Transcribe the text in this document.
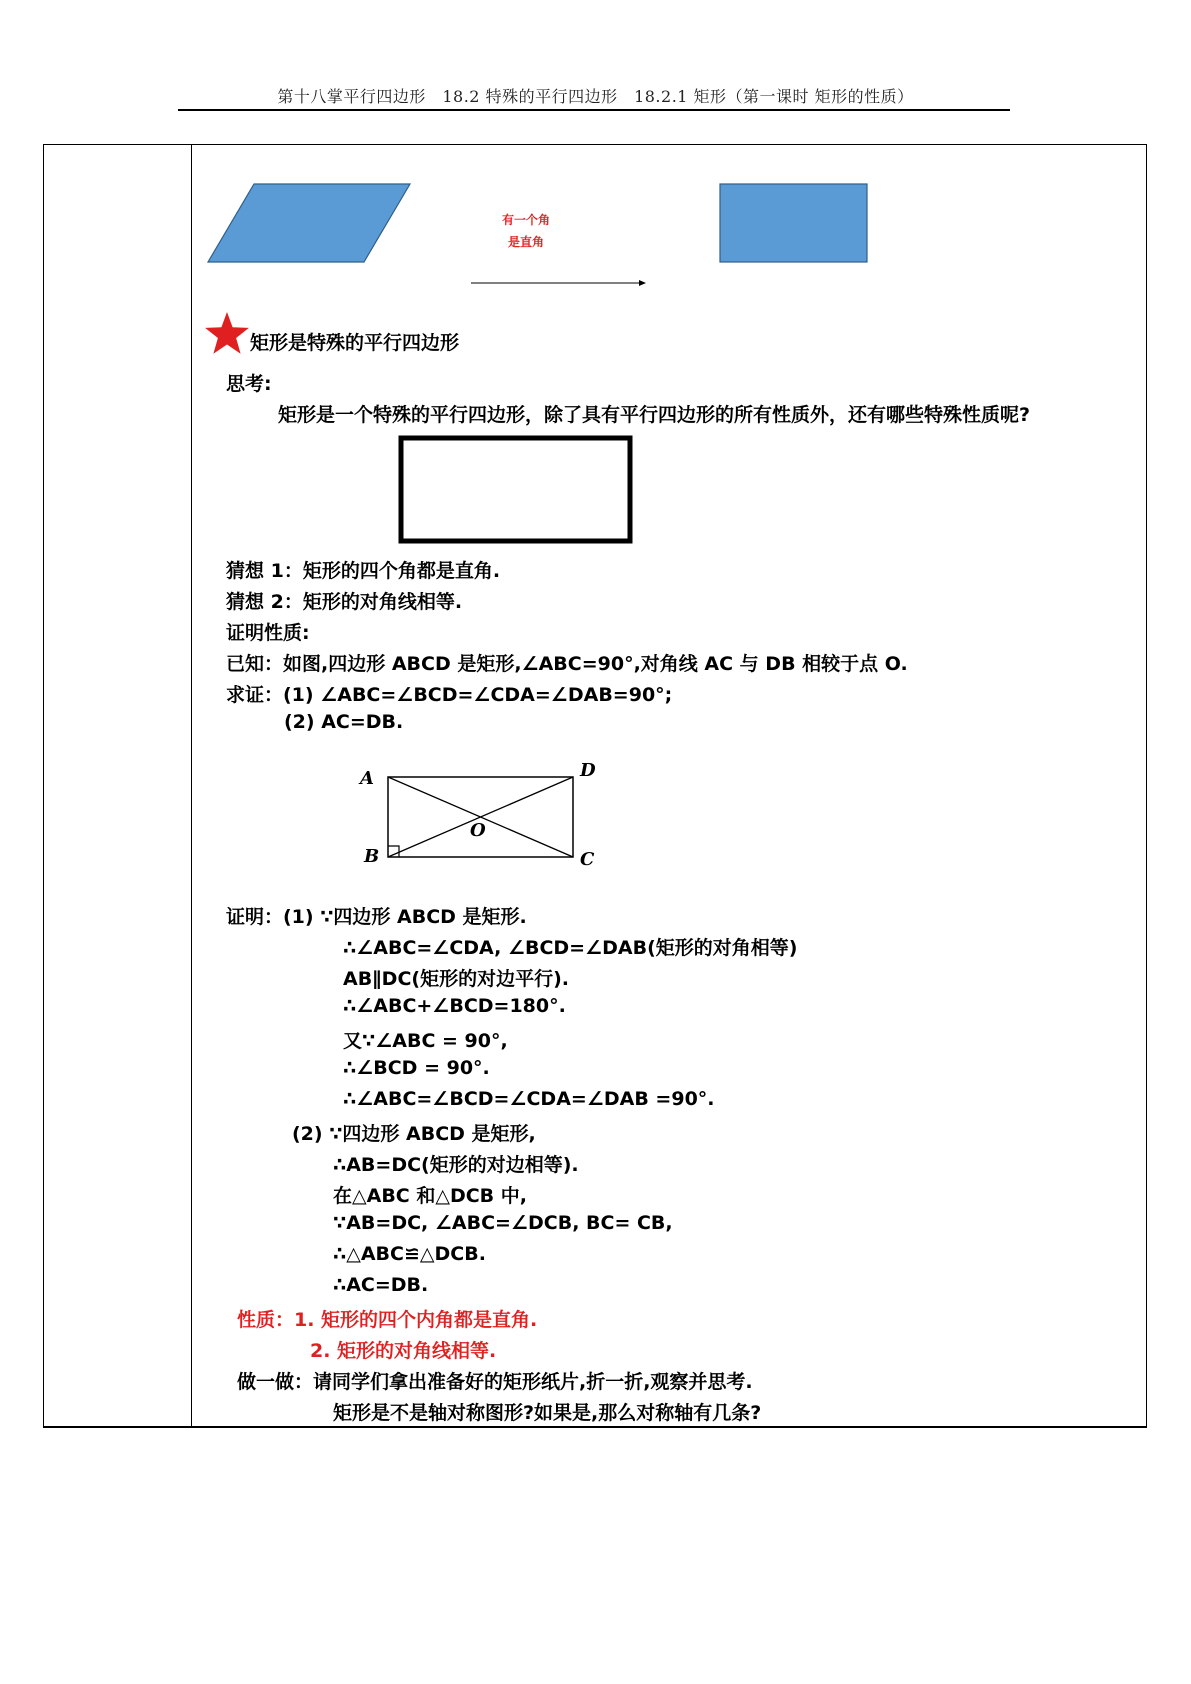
第十八掌平行四边形　18.2 特殊的平行四边形　18.2.1 矩形（第一课时 矩形的性质）
有一个角
是直角
矩形是特殊的平行四边形
思考:
矩形是一个特殊的平行四边形，除了具有平行四边形的所有性质外，还有哪些特殊性质呢?
猜想 1：矩形的四个角都是直角.
猜想 2：矩形的对角线相等.
证明性质:
已知：如图,四边形 ABCD 是矩形,∠ABC=90°,对角线 AC 与 DB 相较于点 O.
求证：(1) ∠ABC=∠BCD=∠CDA=∠DAB=90°;
(2) AC=DB.
A	D
B	C
O
证明：(1) ∵四边形 ABCD 是矩形.
∴∠ABC=∠CDA, ∠BCD=∠DAB(矩形的对角相等)
AB∥DC(矩形的对边平行).
∴∠ABC+∠BCD=180°.
又∵∠ABC = 90°,
∴∠BCD = 90°.
∴∠ABC=∠BCD=∠CDA=∠DAB =90°.
(2) ∵四边形 ABCD 是矩形,
∴AB=DC(矩形的对边相等).
在△ABC 和△DCB 中,
∵AB=DC, ∠ABC=∠DCB, BC= CB,
∴△ABC≌△DCB.
∴AC=DB.
性质：1. 矩形的四个内角都是直角.
2. 矩形的对角线相等.
做一做：请同学们拿出准备好的矩形纸片,折一折,观察并思考.
矩形是不是轴对称图形?如果是,那么对称轴有几条?
